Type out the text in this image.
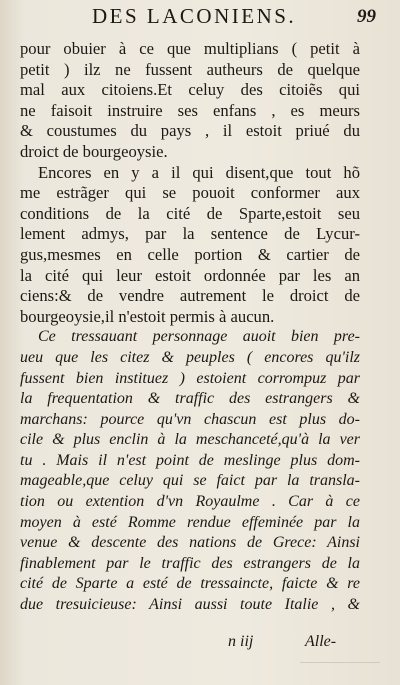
DES LACONIENS.	99
pour obuier à ce que multiplians ( petit à
petit ) ilz ne fussent autheurs de quelque
mal aux citoiens.Et celuy des citoiẽs qui
ne faisoit instruire ses enfans , es meurs
& coustumes du pays , il estoit priué du
droict de bourgeoysie.
Encores en y a il qui disent,que tout hõ
me estrãger qui se pouoit conformer aux
conditions de la cité de Sparte,estoit seu
lement admys, par la sentence de Lycur-
gus,mesmes en celle portion & cartier de
la cité qui leur estoit ordonnée par les an
ciens:& de vendre autrement le droict de
bourgeoysie,il n'estoit permis à aucun.
Ce tressauant personnage auoit bien pre-
ueu que les citez & peuples ( encores qu'ilz
fussent bien instituez ) estoient corrompuz par
la frequentation & traffic des estrangers &
marchans: pource qu'vn chascun est plus do-
cile & plus enclin à la meschanceté,qu'à la ver
tu . Mais il n'est point de meslinge plus dom-
mageable,que celuy qui se faict par la transla-
tion ou extention d'vn Royaulme . Car à ce
moyen à esté Romme rendue effeminée par la
venue & descente des nations de Grece: Ainsi
finablement par le traffic des estrangers de la
cité de Sparte a esté de tressaincte, faicte & re
due tresuicieuse: Ainsi aussi toute Italie , &
n iij	Alle-
